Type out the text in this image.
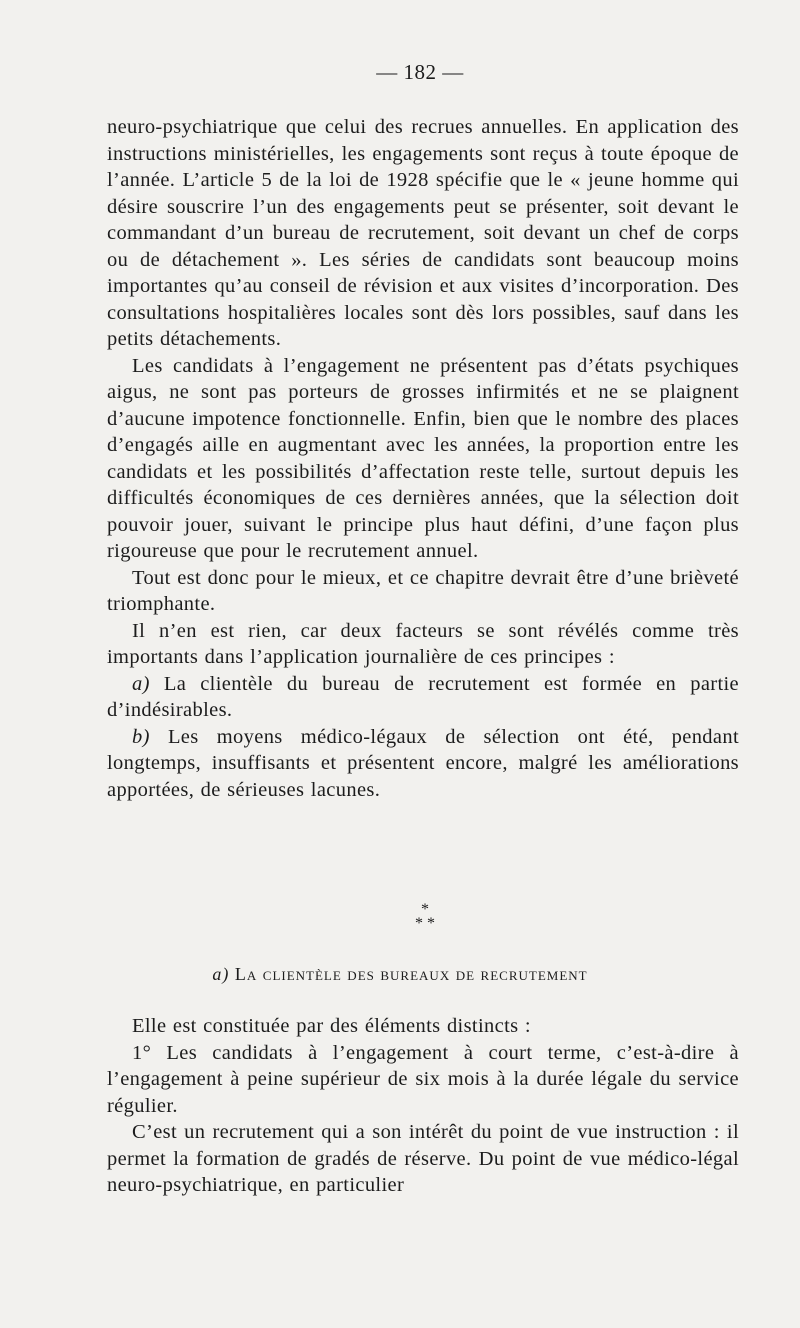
— 182 —

neuro-psychiatrique que celui des recrues annuelles. En application des instructions ministérielles, les engagements sont reçus à toute époque de l’année. L’article 5 de la loi de 1928 spécifie que le « jeune homme qui désire souscrire l’un des engagements peut se présenter, soit devant le commandant d’un bureau de recrutement, soit devant un chef de corps ou de détachement ». Les séries de candidats sont beaucoup moins importantes qu’au conseil de révision et aux visites d’incorporation. Des consultations hospitalières locales sont dès lors possibles, sauf dans les petits détachements.

Les candidats à l’engagement ne présentent pas d’états psychiques aigus, ne sont pas porteurs de grosses infirmités et ne se plaignent d’aucune impotence fonctionnelle. Enfin, bien que le nombre des places d’engagés aille en augmentant avec les années, la proportion entre les candidats et les possibilités d’affectation reste telle, surtout depuis les difficultés économiques de ces dernières années, que la sélection doit pouvoir jouer, suivant le principe plus haut défini, d’une façon plus rigoureuse que pour le recrutement annuel.

Tout est donc pour le mieux, et ce chapitre devrait être d’une brièveté triomphante.

Il n’en est rien, car deux facteurs se sont révélés comme très importants dans l’application journalière de ces principes :

a) La clientèle du bureau de recrutement est formée en partie d’indésirables.

b) Les moyens médico-légaux de sélection ont été, pendant longtemps, insuffisants et présentent encore, malgré les améliorations apportées, de sérieuses lacunes.

*
* *
a) La clientèle des bureaux de recrutement

Elle est constituée par des éléments distincts :

1° Les candidats à l’engagement à court terme, c’est-à-dire à l’engagement à peine supérieur de six mois à la durée légale du service régulier.

C’est un recrutement qui a son intérêt du point de vue instruction : il permet la formation de gradés de réserve. Du point de vue médico-légal neuro-psychiatrique, en particulier
